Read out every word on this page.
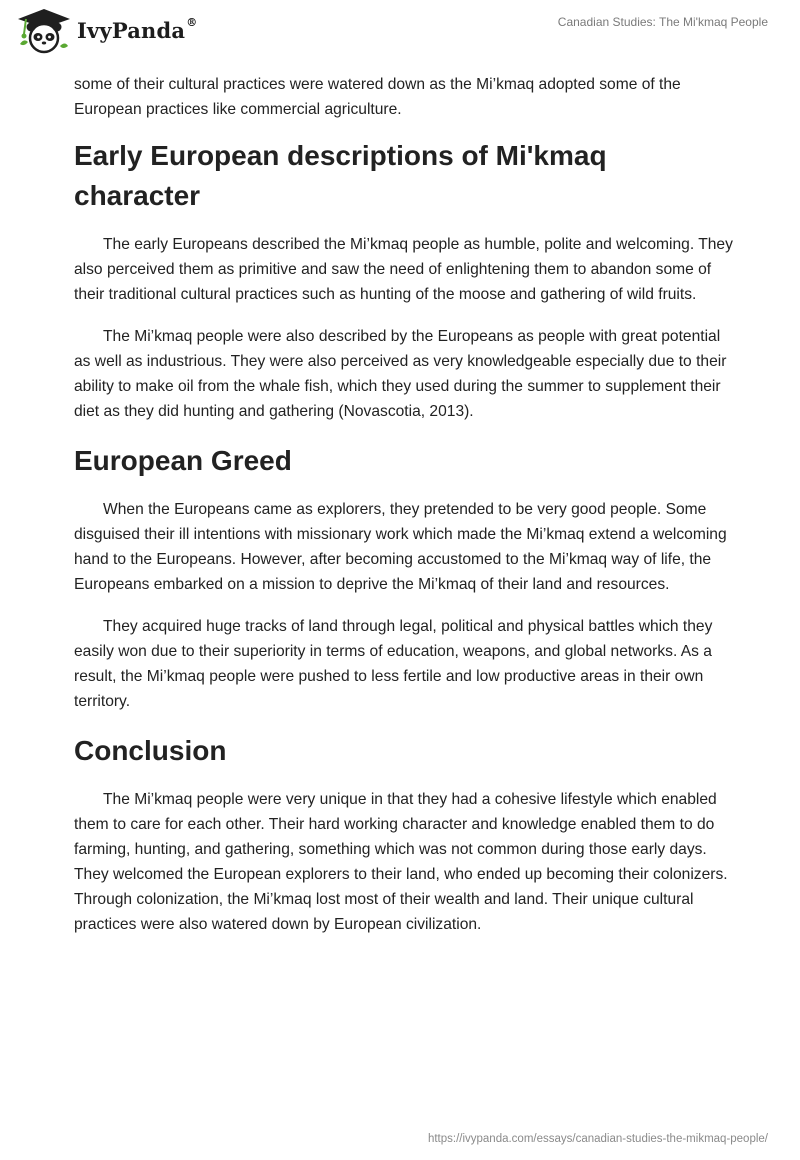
IvyPanda®	Canadian Studies: The Mi'kmaq People

some of their cultural practices were watered down as the Mi’kmaq adopted some of the European practices like commercial agriculture.

Early European descriptions of Mi'kmaq character

The early Europeans described the Mi’kmaq people as humble, polite and welcoming. They also perceived them as primitive and saw the need of enlightening them to abandon some of their traditional cultural practices such as hunting of the moose and gathering of wild fruits.

The Mi’kmaq people were also described by the Europeans as people with great potential as well as industrious. They were also perceived as very knowledgeable especially due to their ability to make oil from the whale fish, which they used during the summer to supplement their diet as they did hunting and gathering (Novascotia, 2013).

European Greed

When the Europeans came as explorers, they pretended to be very good people. Some disguised their ill intentions with missionary work which made the Mi’kmaq extend a welcoming hand to the Europeans. However, after becoming accustomed to the Mi’kmaq way of life, the Europeans embarked on a mission to deprive the Mi’kmaq of their land and resources.

They acquired huge tracks of land through legal, political and physical battles which they easily won due to their superiority in terms of education, weapons, and global networks. As a result, the Mi’kmaq people were pushed to less fertile and low productive areas in their own territory.

Conclusion

The Mi’kmaq people were very unique in that they had a cohesive lifestyle which enabled them to care for each other. Their hard working character and knowledge enabled them to do farming, hunting, and gathering, something which was not common during those early days. They welcomed the European explorers to their land, who ended up becoming their colonizers. Through colonization, the Mi’kmaq lost most of their wealth and land. Their unique cultural practices were also watered down by European civilization.

https://ivypanda.com/essays/canadian-studies-the-mikmaq-people/
